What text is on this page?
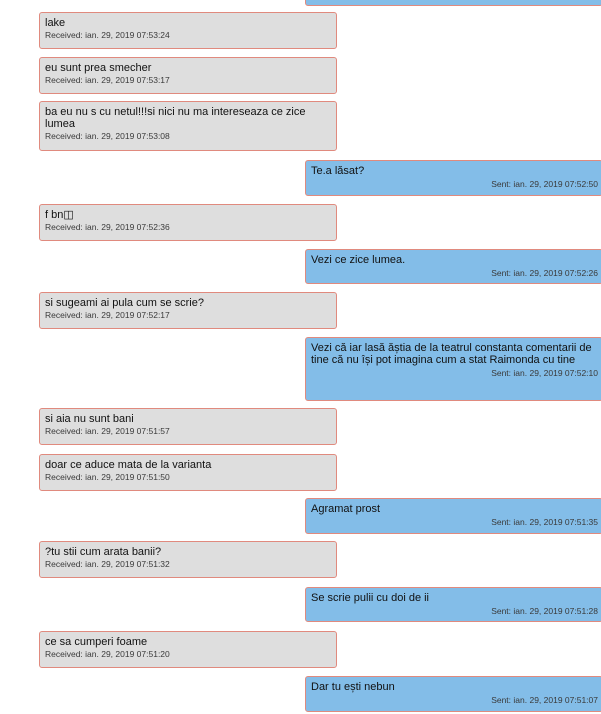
lake
Received: ian. 29, 2019 07:53:24
eu sunt prea smecher
Received: ian. 29, 2019 07:53:17
ba eu nu s cu netul!!!si nici nu ma intereseaza ce zice lumea
Received: ian. 29, 2019 07:53:08
Te.a lăsat?
Sent: ian. 29, 2019 07:52:50
f bn◫
Received: ian. 29, 2019 07:52:36
Vezi ce zice lumea.
Sent: ian. 29, 2019 07:52:26
si sugeami ai pula cum se scrie?
Received: ian. 29, 2019 07:52:17
Vezi că iar lasă ăștia de la teatrul constanta comentarii de tine că nu își pot imagina cum a stat Raimonda cu tine
Sent: ian. 29, 2019 07:52:10
si aia nu sunt bani
Received: ian. 29, 2019 07:51:57
doar ce aduce mata de la varianta
Received: ian. 29, 2019 07:51:50
Agramat prost
Sent: ian. 29, 2019 07:51:35
?tu stii cum arata banii?
Received: ian. 29, 2019 07:51:32
Se scrie pulii cu doi de ii
Sent: ian. 29, 2019 07:51:28
ce sa cumperi foame
Received: ian. 29, 2019 07:51:20
Dar tu ești nebun
Sent: ian. 29, 2019 07:51:07
